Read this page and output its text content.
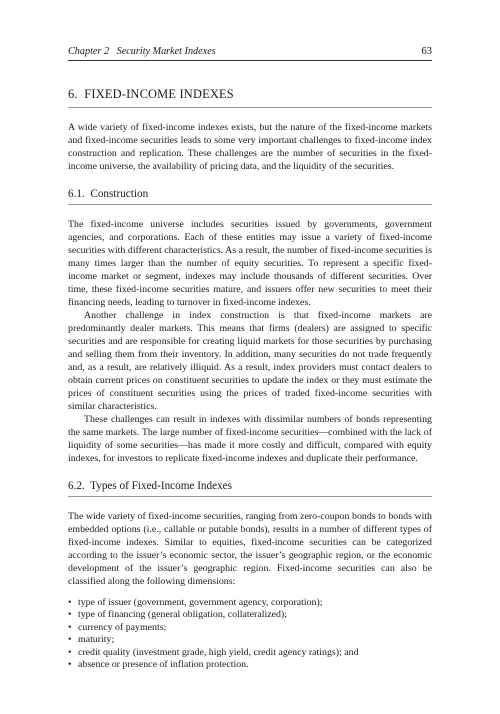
Chapter 2   Security Market Indexes	63
6.  FIXED-INCOME INDEXES

A wide variety of fixed-income indexes exists, but the nature of the fixed-income markets and fixed-income securities leads to some very important challenges to fixed-income index construction and replication. These challenges are the number of securities in the fixed-income universe, the availability of pricing data, and the liquidity of the securities.

6.1.  Construction

The fixed-income universe includes securities issued by governments, government agencies, and corporations. Each of these entities may issue a variety of fixed-income securities with different characteristics. As a result, the number of fixed-income securities is many times larger than the number of equity securities. To represent a specific fixed-income market or segment, indexes may include thousands of different securities. Over time, these fixed-income securities mature, and issuers offer new securities to meet their financing needs, leading to turnover in fixed-income indexes.

Another challenge in index construction is that fixed-income markets are predominantly dealer markets. This means that firms (dealers) are assigned to specific securities and are responsible for creating liquid markets for those securities by purchasing and selling them from their inventory. In addition, many securities do not trade frequently and, as a result, are relatively illiquid. As a result, index providers must contact dealers to obtain current prices on constituent securities to update the index or they must estimate the prices of constituent securities using the prices of traded fixed-income securities with similar characteristics.

These challenges can result in indexes with dissimilar numbers of bonds representing the same markets. The large number of fixed-income securities—combined with the lack of liquidity of some securities—has made it more costly and difficult, compared with equity indexes, for investors to replicate fixed-income indexes and duplicate their performance.

6.2.  Types of Fixed-Income Indexes

The wide variety of fixed-income securities, ranging from zero-coupon bonds to bonds with embedded options (i.e., callable or putable bonds), results in a number of different types of fixed-income indexes. Similar to equities, fixed-income securities can be categorized according to the issuer’s economic sector, the issuer’s geographic region, or the economic development of the issuer’s geographic region. Fixed-income securities can also be classified along the following dimensions:

• type of issuer (government, government agency, corporation);
• type of financing (general obligation, collateralized);
• currency of payments;
• maturity;
• credit quality (investment grade, high yield, credit agency ratings); and
• absence or presence of inflation protection.
